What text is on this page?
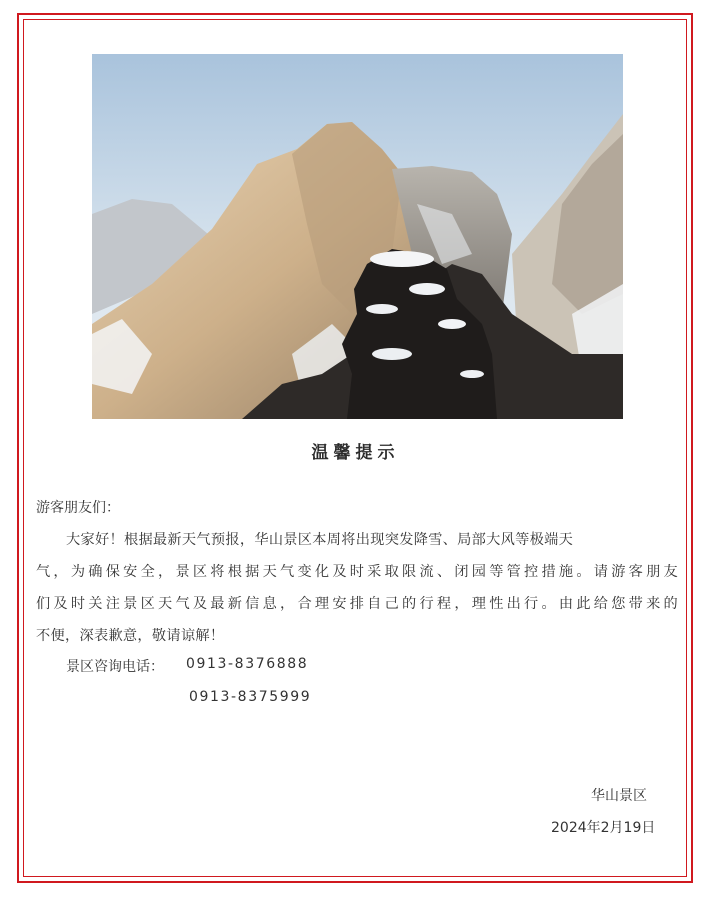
温馨提示
游客朋友们：
大家好！根据最新天气预报，华山景区本周将出现突发降雪、局部大风等极端天
气，为确保安全，景区将根据天气变化及时采取限流、闭园等管控措施。请游客朋友
们及时关注景区天气及最新信息，合理安排自己的行程，理性出行。由此给您带来的
不便，深表歉意，敬请谅解！
景区咨询电话： 0913-8376888
0913-8375999
华山景区
2024年2月19日
